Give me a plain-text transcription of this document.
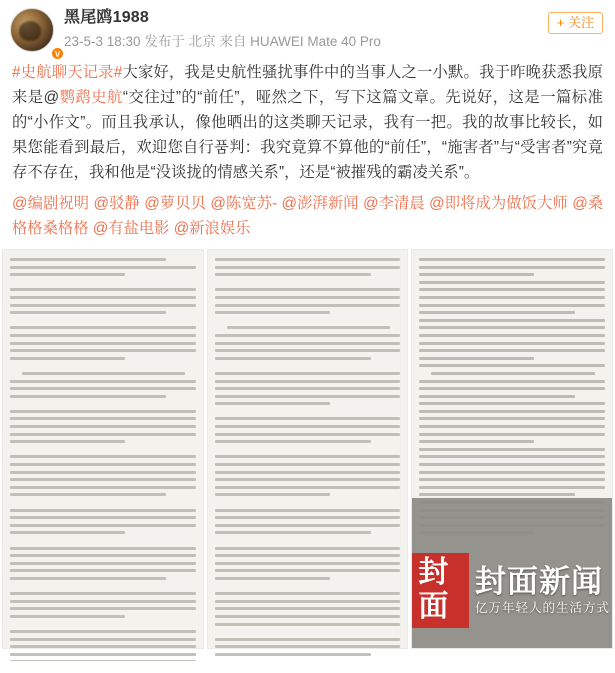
V
黑尾鸥1988
23-5-3 18:30 发布于 北京 来自 HUAWEI Mate 40 Pro
+ 关注
#史航聊天记录#大家好，我是史航性骚扰事件中的当事人之一小默。我于昨晚获悉我原来是@鹦鹉史航“交往过”的“前任”，哑然之下，写下这篇文章。先说好，这是一篇标准的“小作文”。而且我承认，像他晒出的这类聊天记录，我有一把。我的故事比较长，如果您能看到最后，欢迎您自行품判：我究竟算不算他的“前任”，“施害者”与“受害者”究竟存不存在，我和他是“没谈拢的情感关系”，还是“被摧残的霸凌关系”。
@编剧祝明 @驳静 @萝贝贝 @陈宽苏- @澎湃新闻 @李清晨 @即将成为做饭大师 @桑格格桑格格 @有盐电影 @新浪娱乐
封面
封面新闻
亿万年轻人的生活方式
